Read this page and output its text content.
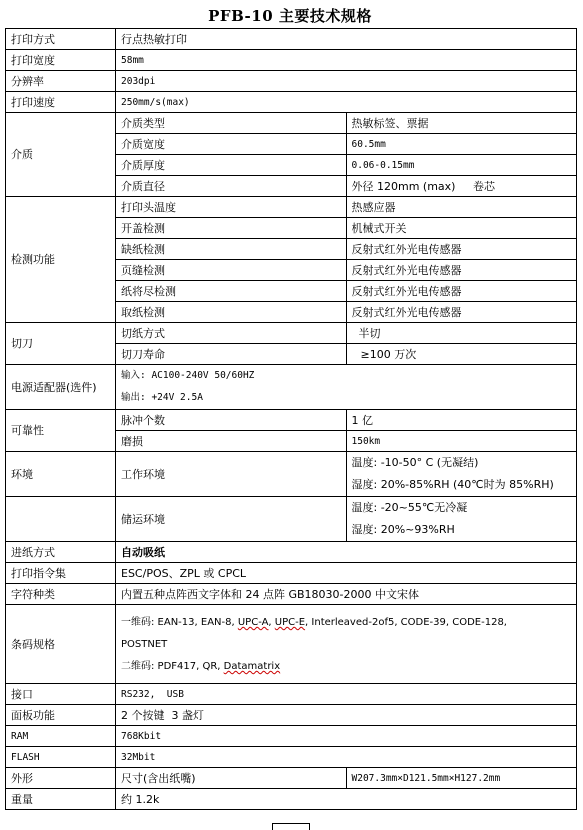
PFB-10 主要技术规格
打印方式	行点热敏打印	
打印宽度	58mm	
分辨率	203dpi	
打印速度	250mm/s(max)	
介质	介质类型	热敏标签、票据
	介质宽度	60.5mm
	介质厚度	0.06-0.15mm
	介质直径	外径 120mm (max)     卷芯
检测功能	打印头温度	热感应器
	开盖检测	机械式开关
	缺纸检测	反射式红外光电传感器
	页缝检测	反射式红外光电传感器
	纸将尽检测	反射式红外光电传感器
	取纸检测	反射式红外光电传感器
切刀	切纸方式	半切
	切刀寿命	≥100 万次
电源适配器(选件)	输入: AC100-240V 50/60HZ
输出: +24V 2.5A	

可靠性	脉冲个数	1 亿
	磨损	150km
环境	工作环境	温度: -10-50° C (无凝结)
湿度: 20%-85%RH (40℃时为 85%RH)

	储运环境	温度: -20~55℃无冷凝
湿度: 20%~93%RH

进纸方式	自动吸纸	
打印指令集	ESC/POS、ZPL 或 CPCL	
字符种类	内置五种点阵西文字体和 24 点阵 GB18030-2000 中文宋体	
条码规格	一维码: EAN-13, EAN-8, UPC-A, UPC-E, Interleaved-2of5, CODE-39, CODE-128,
POSTNET
二维码: PDF417, QR, Datamatrix	

接口	RS232,  USB	
面板功能	2 个按键  3 盏灯	
RAM	768Kbit	
FLASH	32Mbit	
外形	尺寸(含出纸嘴)	W207.3mm×D121.5mm×H127.2mm
重量	约 1.2k	
